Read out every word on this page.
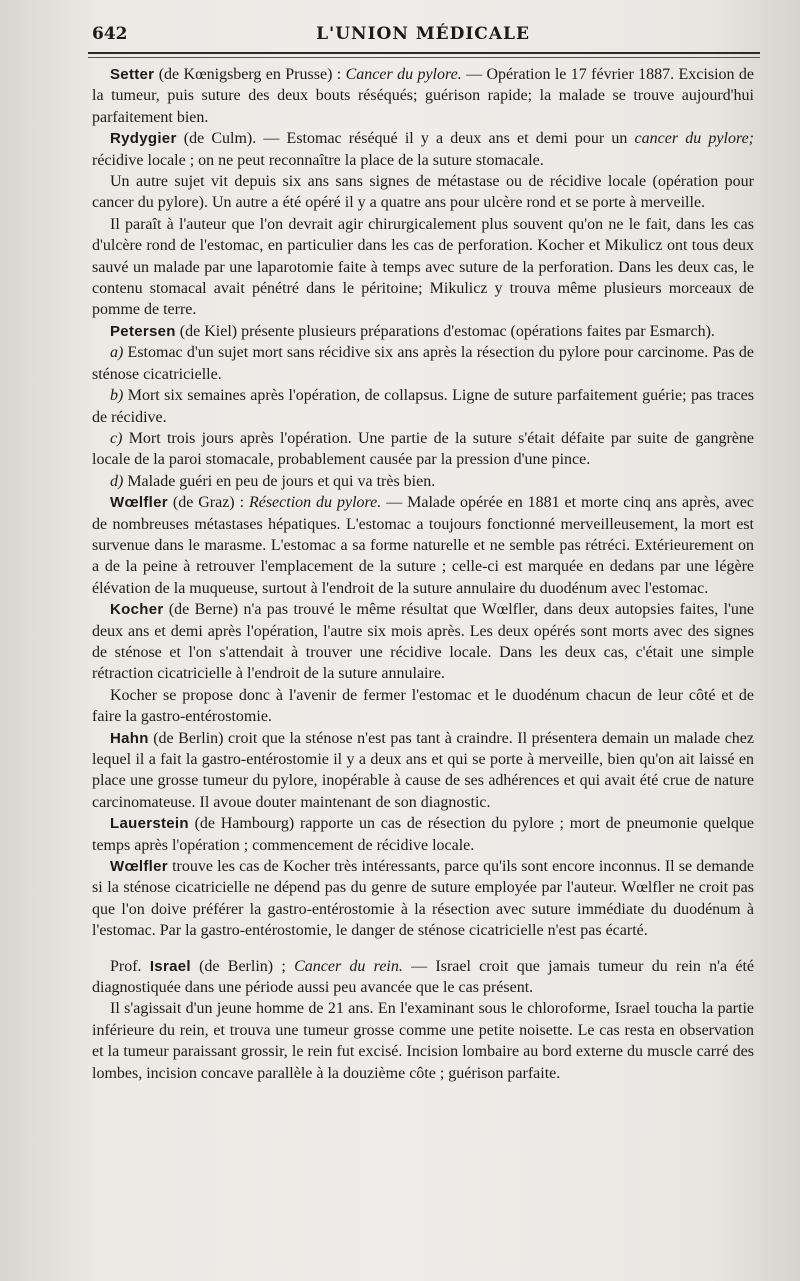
642	L'UNION MÉDICALE

Setter (de Kœnigsberg en Prusse) : Cancer du pylore. — Opération le 17 février 1887. Excision de la tumeur, puis suture des deux bouts réséqués; guérison rapide; la malade se trouve aujourd'hui parfaitement bien.

Rydygier (de Culm). — Estomac réséqué il y a deux ans et demi pour un cancer du pylore; récidive locale ; on ne peut reconnaître la place de la suture stomacale.

Un autre sujet vit depuis six ans sans signes de métastase ou de récidive locale (opération pour cancer du pylore). Un autre a été opéré il y a quatre ans pour ulcère rond et se porte à merveille.

Il paraît à l'auteur que l'on devrait agir chirurgicalement plus souvent qu'on ne le fait, dans les cas d'ulcère rond de l'estomac, en particulier dans les cas de perforation. Kocher et Mikulicz ont tous deux sauvé un malade par une laparotomie faite à temps avec suture de la perforation. Dans les deux cas, le contenu stomacal avait pénétré dans le péritoine; Mikulicz y trouva même plusieurs morceaux de pomme de terre.

Petersen (de Kiel) présente plusieurs préparations d'estomac (opérations faites par Esmarch).

a) Estomac d'un sujet mort sans récidive six ans après la résection du pylore pour carcinome. Pas de sténose cicatricielle.

b) Mort six semaines après l'opération, de collapsus. Ligne de suture parfaitement guérie; pas traces de récidive.

c) Mort trois jours après l'opération. Une partie de la suture s'était défaite par suite de gangrène locale de la paroi stomacale, probablement causée par la pression d'une pince.

d) Malade guéri en peu de jours et qui va très bien.

Wœlfler (de Graz) : Résection du pylore. — Malade opérée en 1881 et morte cinq ans après, avec de nombreuses métastases hépatiques. L'estomac a toujours fonctionné merveilleusement, la mort est survenue dans le marasme. L'estomac a sa forme naturelle et ne semble pas rétréci. Extérieurement on a de la peine à retrouver l'emplacement de la suture ; celle-ci est marquée en dedans par une légère élévation de la muqueuse, surtout à l'endroit de la suture annulaire du duodénum avec l'estomac.

Kocher (de Berne) n'a pas trouvé le même résultat que Wœlfler, dans deux autopsies faites, l'une deux ans et demi après l'opération, l'autre six mois après. Les deux opérés sont morts avec des signes de sténose et l'on s'attendait à trouver une récidive locale. Dans les deux cas, c'était une simple rétraction cicatricielle à l'endroit de la suture annulaire.

Kocher se propose donc à l'avenir de fermer l'estomac et le duodénum chacun de leur côté et de faire la gastro-entérostomie.

Hahn (de Berlin) croit que la sténose n'est pas tant à craindre. Il présentera demain un malade chez lequel il a fait la gastro-entérostomie il y a deux ans et qui se porte à merveille, bien qu'on ait laissé en place une grosse tumeur du pylore, inopérable à cause de ses adhérences et qui avait été crue de nature carcinomateuse. Il avoue douter maintenant de son diagnostic.

Lauerstein (de Hambourg) rapporte un cas de résection du pylore ; mort de pneumonie quelque temps après l'opération ; commencement de récidive locale.

Wœlfler trouve les cas de Kocher très intéressants, parce qu'ils sont encore inconnus. Il se demande si la sténose cicatricielle ne dépend pas du genre de suture employée par l'auteur. Wœlfler ne croit pas que l'on doive préférer la gastro-entérostomie à la résection avec suture immédiate du duodénum à l'estomac. Par la gastro-entérostomie, le danger de sténose cicatricielle n'est pas écarté.

Prof. Israel (de Berlin) ; Cancer du rein. — Israel croit que jamais tumeur du rein n'a été diagnostiquée dans une période aussi peu avancée que le cas présent.

Il s'agissait d'un jeune homme de 21 ans. En l'examinant sous le chloroforme, Israel toucha la partie inférieure du rein, et trouva une tumeur grosse comme une petite noisette. Le cas resta en observation et la tumeur paraissant grossir, le rein fut excisé. Incision lombaire au bord externe du muscle carré des lombes, incision concave parallèle à la douzième côte ; guérison parfaite.
